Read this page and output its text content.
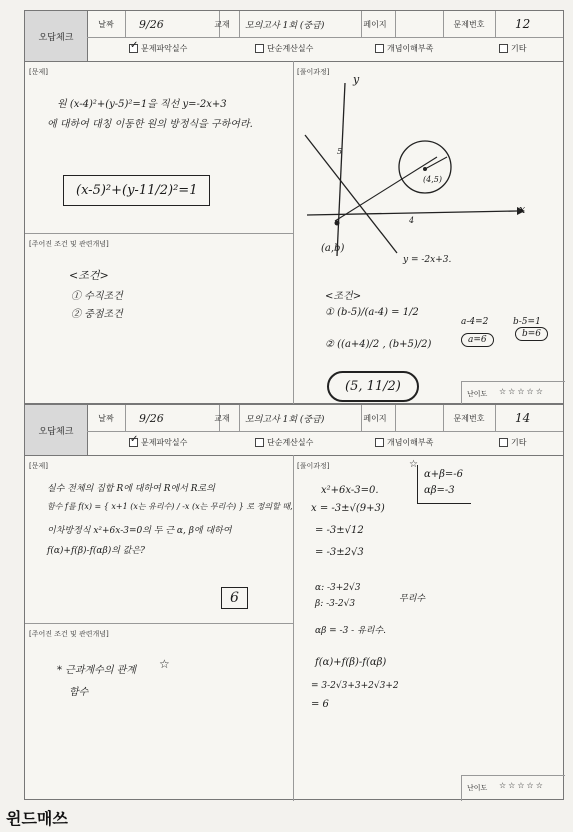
오답체크
날짜	9/26	교재	모의고사 1회 (중급)	페이지	문제번호	12
✓ 문제파악실수	단순계산실수	개념이해부족	기타
[문제]
원 (x-4)²+(y-5)²=1을 직선 y=-2x+3
에 대하여 대칭 이동한 원의 방정식을 구하여라.
(x-5)²+(y-11/2)²=1
[주어진 조건 및 관련개념]
<조건>
① 수직조건
② 중점조건
[풀이과정]
y
x
5
4
(4,5)
(a,b)
y = -2x+3.
<조건>
① (b-5)/(a-4) = 1/2
② ((a+4)/2 , (b+5)/2)
a-4=2	b-5=1
a=6
b=6
(5, 11/2)	난이도 ☆☆☆☆☆
오답체크
날짜	9/26	교재	모의고사 1회 (중급)	페이지	문제번호	14
✓ 문제파악실수	단순계산실수	개념이해부족	기타
[문제]
실수 전체의 집합 R에 대하여 R에서 R로의
함수 f를 f(x) = { x+1 (x는 유리수) / -x (x는 무리수) } 로 정의할 때,
이차방정식 x²+6x-3=0의 두 근 α, β에 대하여
f(α)+f(β)-f(αβ)의 값은?
6
[주어진 조건 및 관련개념]
* 근과계수의 관계
함수
☆
[풀이과정]	☆
x²+6x-3=0.
x = -3±√(9+3)
= -3±√12
= -3±2√3
α+β=-6
αβ=-3
α: -3+2√3
β: -3-2√3	무리수
αβ = -3 - 유리수.
f(α)+f(β)-f(αβ)
= 3-2√3+3+2√3+2
= 6
난이도 ☆☆☆☆☆
윈드매쓰
